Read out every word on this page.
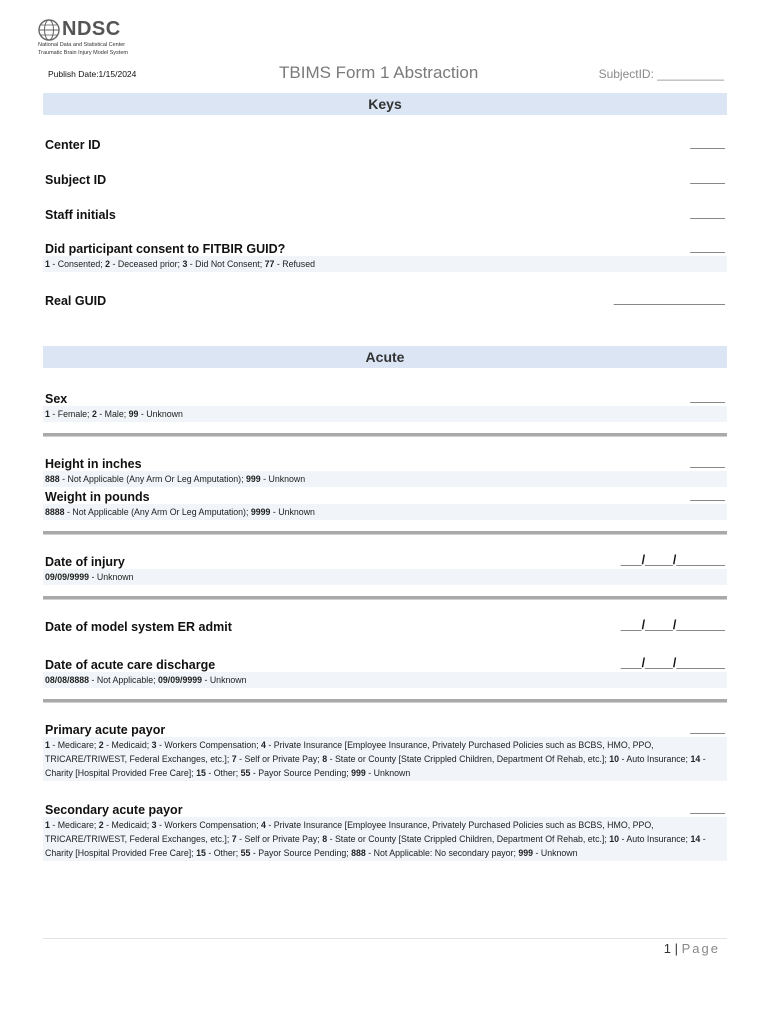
NDSC
National Data and Statistical Center
Traumatic Brain Injury Model System
Publish Date:1/15/2024	TBIMS Form 1 Abstraction	SubjectID: __________
Keys
Center ID	_____
Subject ID	_____
Staff initials	_____
Did participant consent to FITBIR GUID?	_____
1 - Consented; 2 - Deceased prior; 3 - Did Not Consent; 77 - Refused
Real GUID	________________
Acute
Sex	_____
1 - Female; 2 - Male; 99 - Unknown
Height in inches	_____
888 - Not Applicable (Any Arm Or Leg Amputation); 999 - Unknown
Weight in pounds	_____
8888 - Not Applicable (Any Arm Or Leg Amputation); 9999 - Unknown
Date of injury	___/____/_______
09/09/9999 - Unknown
Date of model system ER admit	___/____/_______
Date of acute care discharge	___/____/_______
08/08/8888 - Not Applicable; 09/09/9999 - Unknown
Primary acute payor	_____
1 - Medicare; 2 - Medicaid; 3 - Workers Compensation; 4 - Private Insurance [Employee Insurance, Privately Purchased Policies such as BCBS, HMO, PPO, TRICARE/TRIWEST, Federal Exchanges, etc.]; 7 - Self or Private Pay; 8 - State or County [State Crippled Children, Department Of Rehab, etc.]; 10 - Auto Insurance; 14 - Charity [Hospital Provided Free Care]; 15 - Other; 55 - Payor Source Pending; 999 - Unknown
Secondary acute payor	_____
1 - Medicare; 2 - Medicaid; 3 - Workers Compensation; 4 - Private Insurance [Employee Insurance, Privately Purchased Policies such as BCBS, HMO, PPO, TRICARE/TRIWEST, Federal Exchanges, etc.]; 7 - Self or Private Pay; 8 - State or County [State Crippled Children, Department Of Rehab, etc.]; 10 - Auto Insurance; 14 - Charity [Hospital Provided Free Care]; 15 - Other; 55 - Payor Source Pending; 888 - Not Applicable: No secondary payor; 999 - Unknown
1 | Page
